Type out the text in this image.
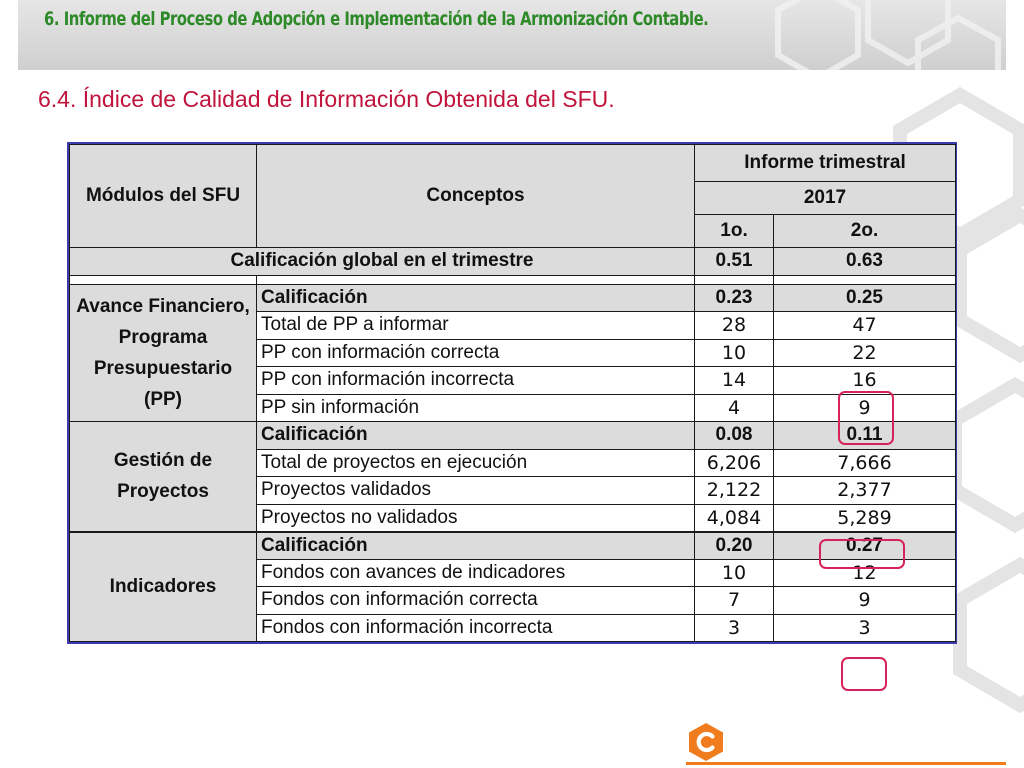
6. Informe del Proceso de Adopción e Implementación de la Armonización Contable.
6.4. Índice de Calidad de Información Obtenida del SFU.
Módulos del SFU	Conceptos	Informe trimestral	
		2017	
		1o.	2o.
Calificación global en el trimestre		0.51	0.63

Avance Financiero, Programa Presupuestario (PP)	Calificación	0.23	0.25
	Total de PP a informar	28	47
	PP con información correcta	10	22
	PP con información incorrecta	14	16
	PP sin información	4	9
Gestión de Proyectos	Calificación	0.08	0.11
	Total de proyectos en ejecución	6,206	7,666
	Proyectos validados	2,122	2,377
	Proyectos no validados	4,084	5,289
Indicadores	Calificación	0.20	0.27
	Fondos con avances de indicadores	10	12
	Fondos con información correcta	7	9
	Fondos con información incorrecta	3	3
